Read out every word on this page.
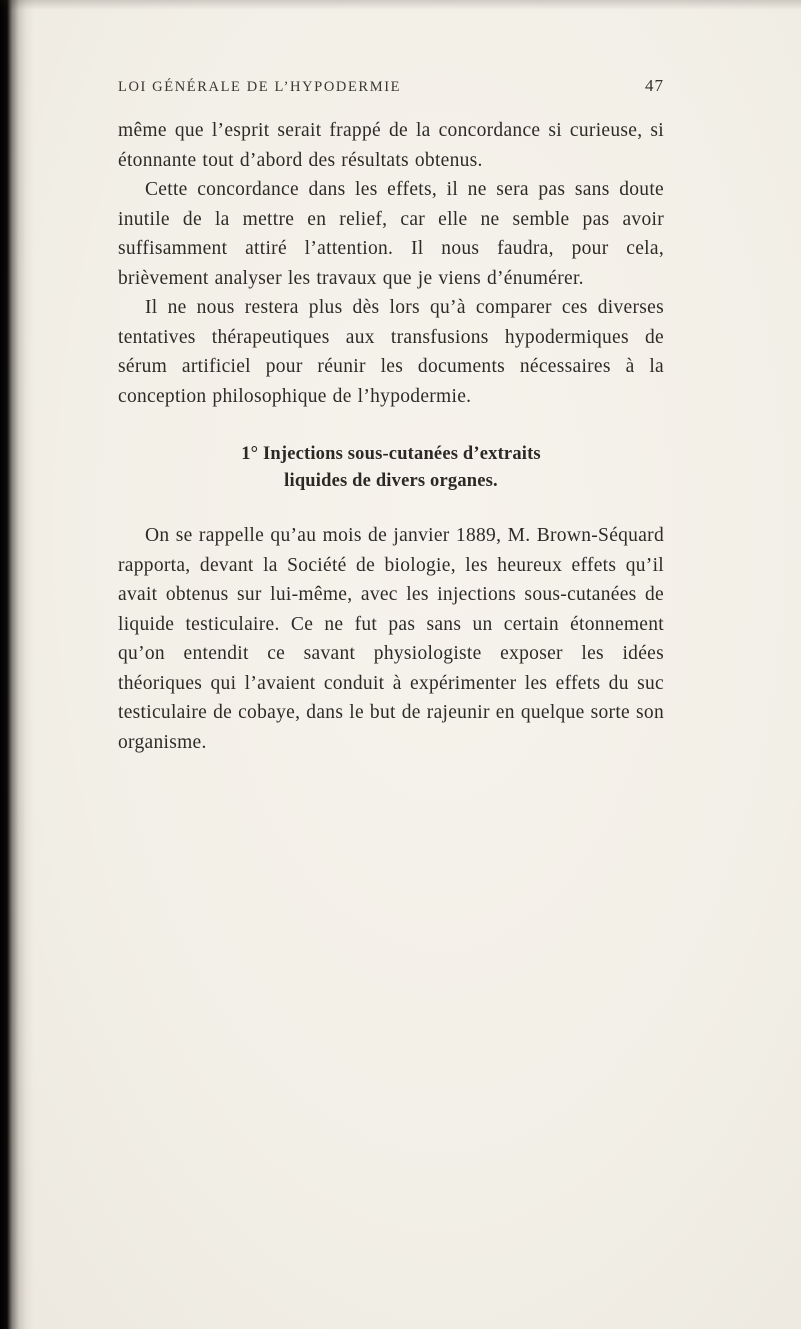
LOI GÉNÉRALE DE L’HYPODERMIE	47

même que l’esprit serait frappé de la concordance si curieuse, si étonnante tout d’abord des résultats obtenus.

Cette concordance dans les effets, il ne sera pas sans doute inutile de la mettre en relief, car elle ne semble pas avoir suffisamment attiré l’attention. Il nous faudra, pour cela, brièvement analyser les travaux que je viens d’énumérer.

Il ne nous restera plus dès lors qu’à comparer ces diverses tentatives thérapeutiques aux transfusions hypodermiques de sérum artificiel pour réunir les documents nécessaires à la conception philosophique de l’hypodermie.

1° Injections sous-cutanées d’extraits
liquides de divers organes.

On se rappelle qu’au mois de janvier 1889, M. Brown-Séquard rapporta, devant la Société de biologie, les heureux effets qu’il avait obtenus sur lui-même, avec les injections sous-cutanées de liquide testiculaire. Ce ne fut pas sans un certain étonnement qu’on entendit ce savant physiologiste exposer les idées théoriques qui l’avaient conduit à expérimenter les effets du suc testiculaire de cobaye, dans le but de rajeunir en quelque sorte son organisme.
